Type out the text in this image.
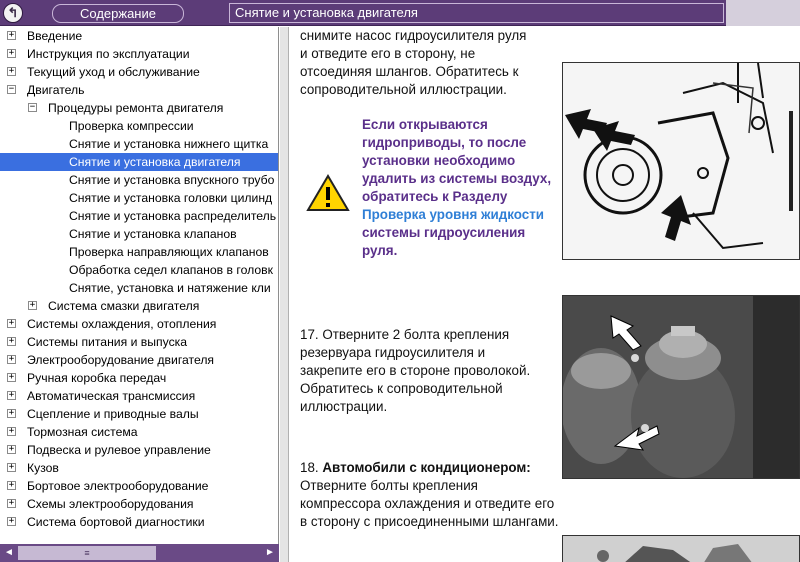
↰	Содержание	Снятие и установка двигателя
+ Введение
+ Инструкция по эксплуатации
+ Текущий уход и обслуживание
− Двигатель
− Процедуры ремонта двигателя
Проверка компрессии
Снятие и установка нижнего щитка
Снятие и установка двигателя
Снятие и установка впускного трубо
Снятие и установка головки цилинд
Снятие и установка распределитель
Снятие и установка клапанов
Проверка направляющих клапанов
Обработка седел клапанов в головк
Снятие, установка и натяжение кли
+ Система смазки двигателя
+ Системы охлаждения, отопления
+ Системы питания и выпуска
+ Электрооборудование двигателя
+ Ручная коробка передач
+ Автоматическая трансмиссия
+ Сцепление и приводные валы
+ Тормозная система
+ Подвеска и рулевое управление
+ Кузов
+ Бортовое электрооборудование
+ Схемы электрооборудования
+ Система бортовой диагностики
◄	≡	►
снимите насос гидроусилителя руля
и отведите его в сторону, не
отсоединяя шлангов. Обратитесь к
сопроводительной иллюстрации.
Если открываются гидроприводы, то после установки необходимо удалить из системы воздух, обратитесь к Разделу Проверка уровня жидкости системы гидроусиления руля.
17. Отверните 2 болта крепления
резервуара гидроусилителя и
закрепите его в стороне проволокой.
Обратитесь к сопроводительной
иллюстрации.
18. Автомобили с кондиционером: Отверните болты крепления компрессора охлаждения и отведите его в сторону с присоединенными шлангами.
